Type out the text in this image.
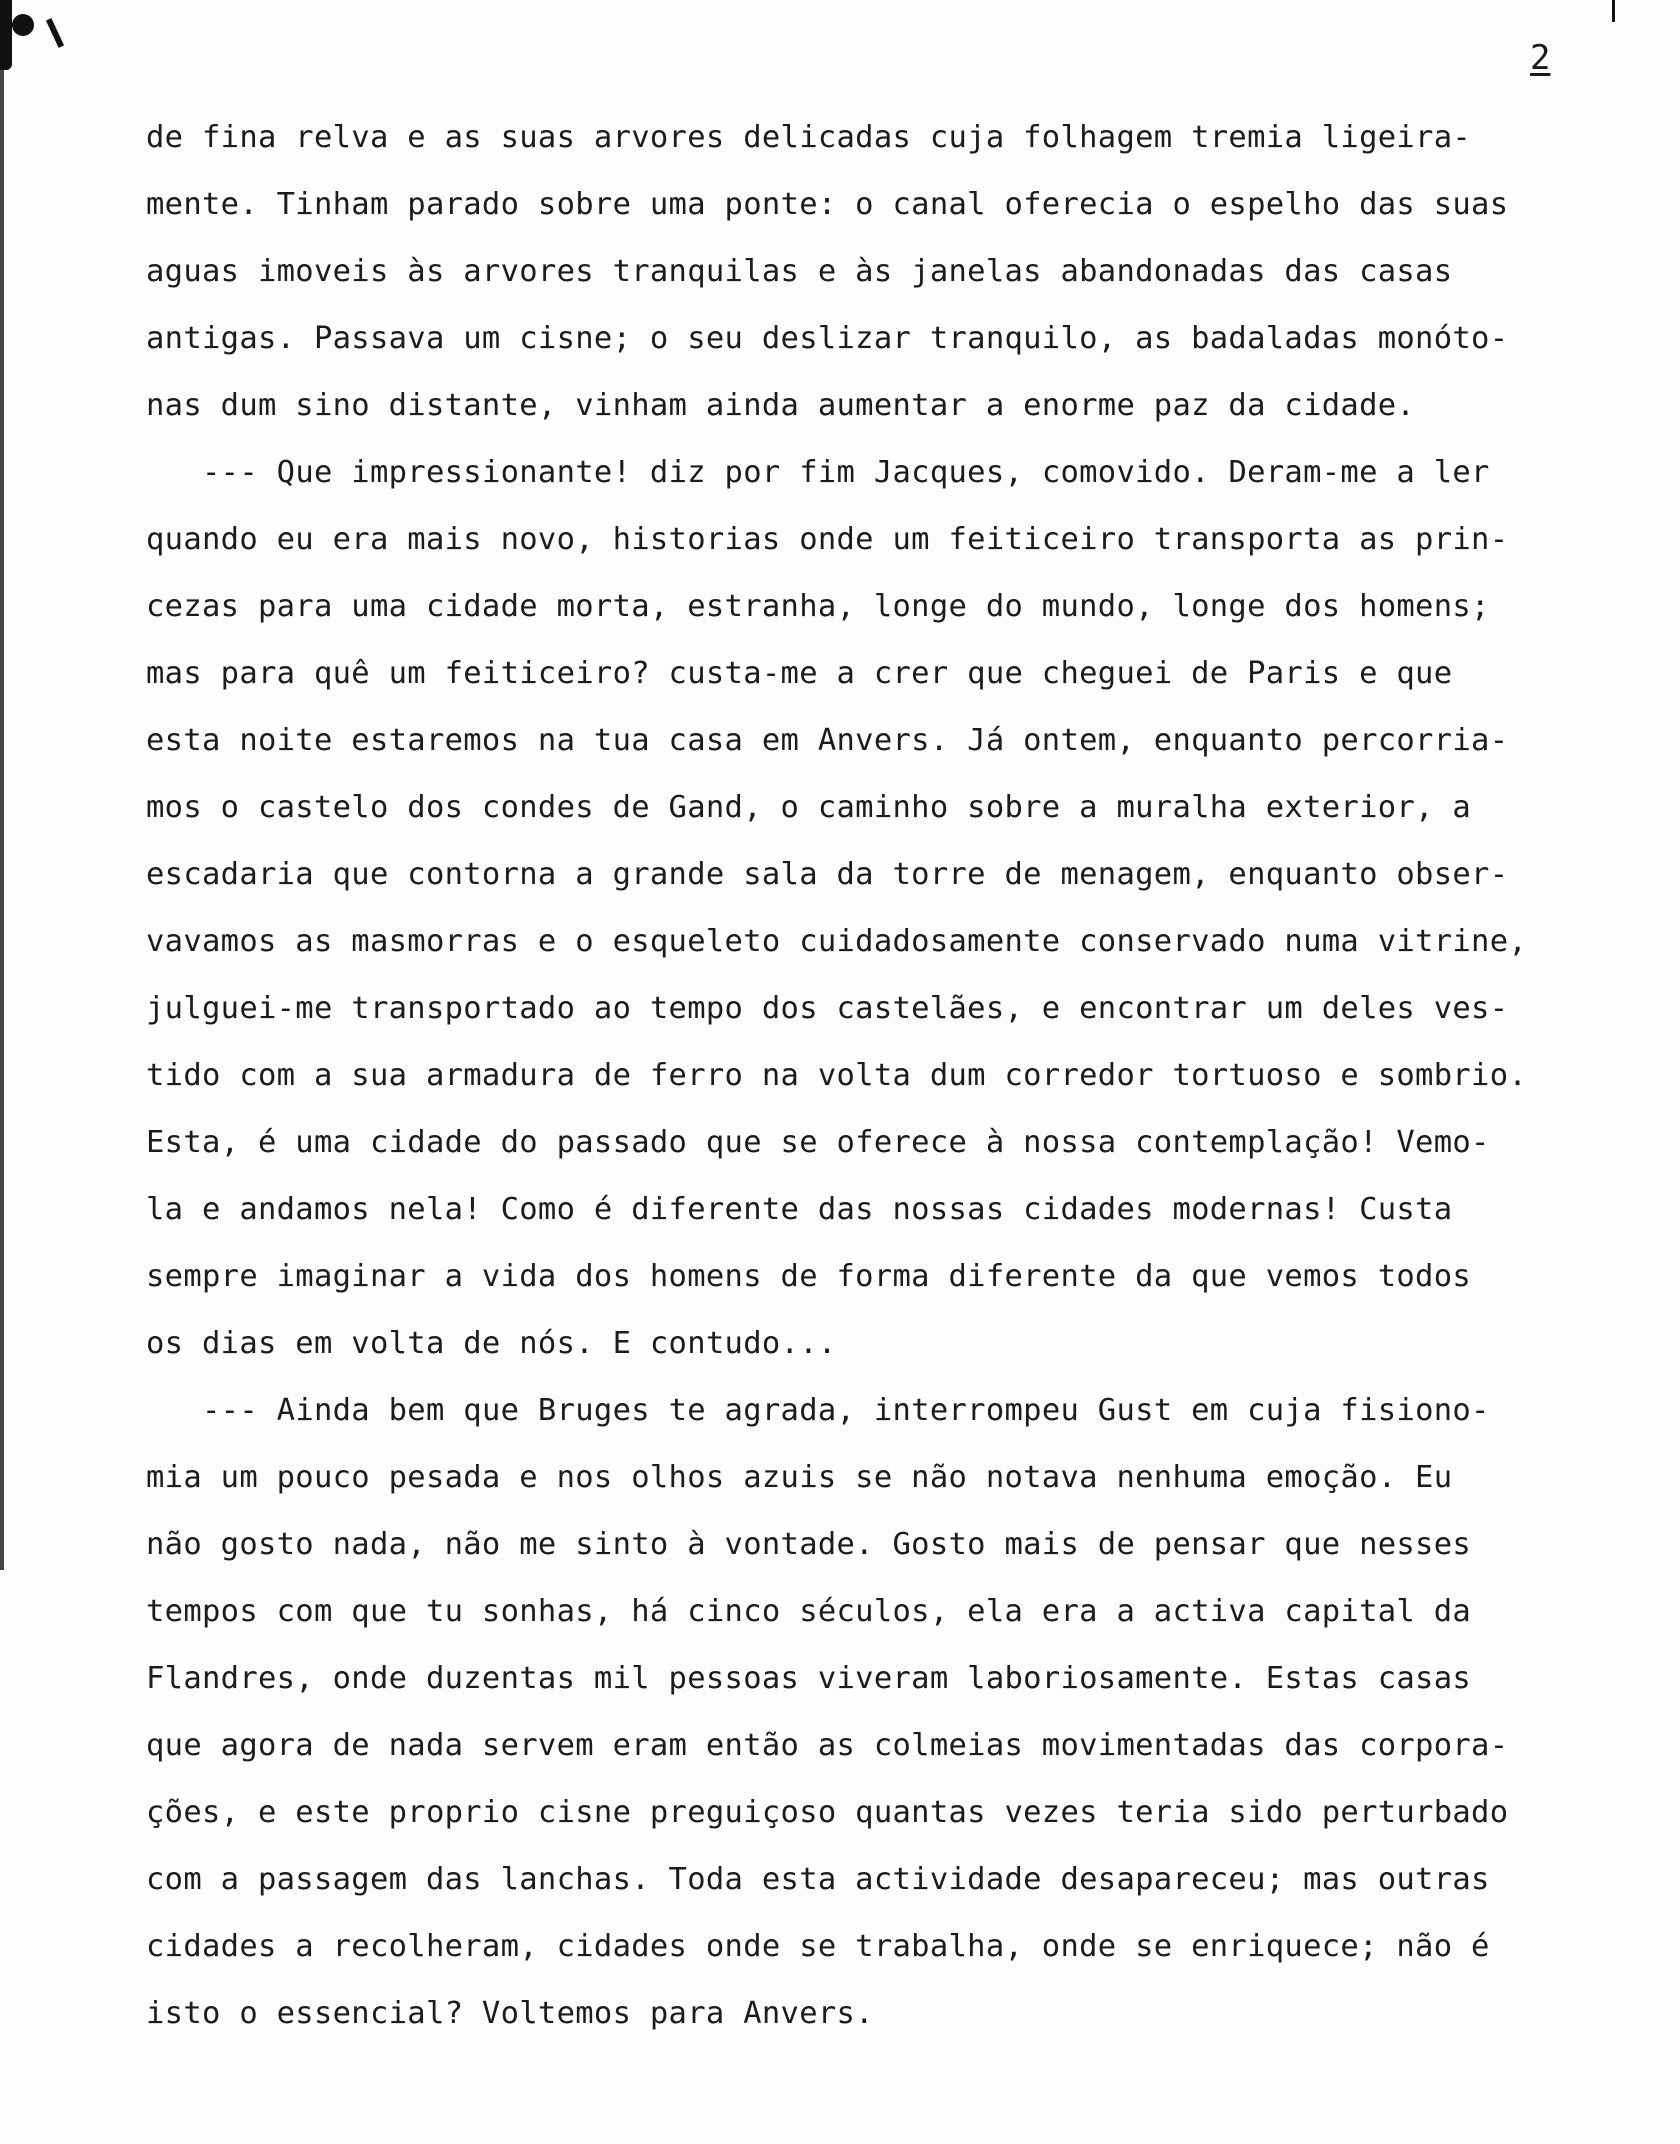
2
de fina relva e as suas arvores delicadas cuja folhagem tremia ligeira-
mente. Tinham parado sobre uma ponte: o canal oferecia o espelho das suas
aguas imoveis às arvores tranquilas e às janelas abandonadas das casas
antigas. Passava um cisne; o seu deslizar tranquilo, as badaladas monóto-
nas dum sino distante, vinham ainda aumentar a enorme paz da cidade.
--- Que impressionante! diz por fim Jacques, comovido. Deram-me a ler
quando eu era mais novo, historias onde um feiticeiro transporta as prin-
cezas para uma cidade morta, estranha, longe do mundo, longe dos homens;
mas para quê um feiticeiro? custa-me a crer que cheguei de Paris e que
esta noite estaremos na tua casa em Anvers. Já ontem, enquanto percorria-
mos o castelo dos condes de Gand, o caminho sobre a muralha exterior, a
escadaria que contorna a grande sala da torre de menagem, enquanto obser-
vavamos as masmorras e o esqueleto cuidadosamente conservado numa vitrine,
julguei-me transportado ao tempo dos castelães, e encontrar um deles ves-
tido com a sua armadura de ferro na volta dum corredor tortuoso e sombrio.
Esta, é uma cidade do passado que se oferece à nossa contemplação! Vemo-
la e andamos nela! Como é diferente das nossas cidades modernas! Custa
sempre imaginar a vida dos homens de forma diferente da que vemos todos
os dias em volta de nós. E contudo...
--- Ainda bem que Bruges te agrada, interrompeu Gust em cuja fisiono-
mia um pouco pesada e nos olhos azuis se não notava nenhuma emoção. Eu
não gosto nada, não me sinto à vontade. Gosto mais de pensar que nesses
tempos com que tu sonhas, há cinco séculos, ela era a activa capital da
Flandres, onde duzentas mil pessoas viveram laboriosamente. Estas casas
que agora de nada servem eram então as colmeias movimentadas das corpora-
ções, e este proprio cisne preguiçoso quantas vezes teria sido perturbado
com a passagem das lanchas. Toda esta actividade desapareceu; mas outras
cidades a recolheram, cidades onde se trabalha, onde se enriquece; não é
isto o essencial? Voltemos para Anvers.
